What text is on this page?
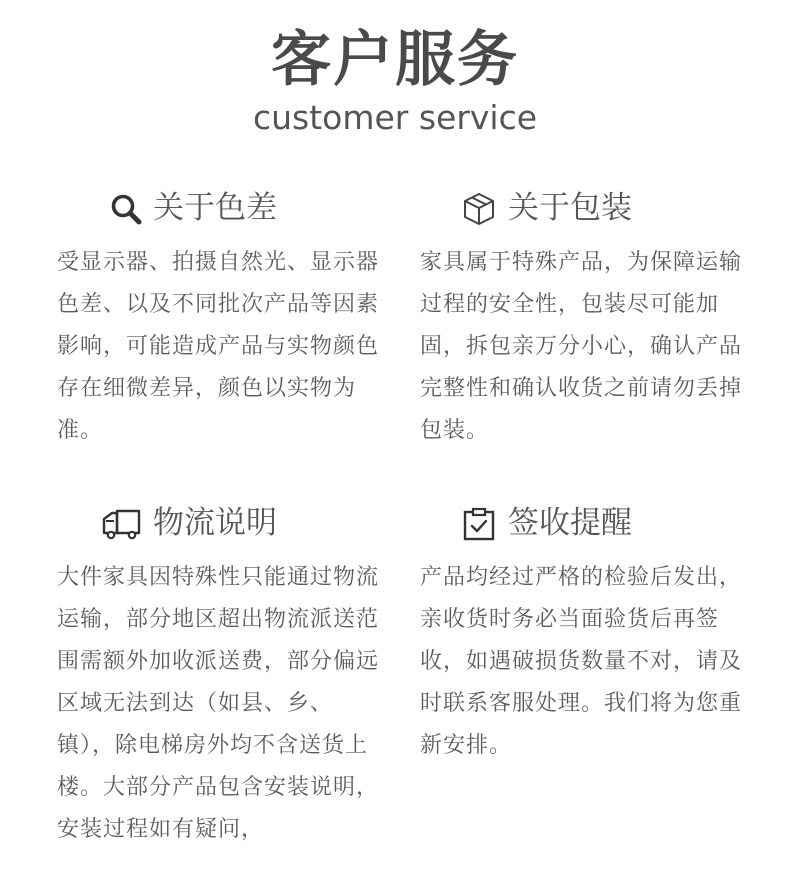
客户服务
customer service
关于色差
受显示器、拍摄自然光、显示器色差、以及不同批次产品等因素影响，可能造成产品与实物颜色存在细微差异，颜色以实物为准。
关于包装
家具属于特殊产品，为保障运输过程的安全性，包装尽可能加固，拆包亲万分小心，确认产品完整性和确认收货之前请勿丢掉包装。
物流说明
大件家具因特殊性只能通过物流运输，部分地区超出物流派送范围需额外加收派送费，部分偏远区域无法到达（如县、乡、镇），除电梯房外均不含送货上楼。大部分产品包含安装说明，安装过程如有疑问，
签收提醒
产品均经过严格的检验后发出，亲收货时务必当面验货后再签收，如遇破损货数量不对，请及时联系客服处理。我们将为您重新安排。
